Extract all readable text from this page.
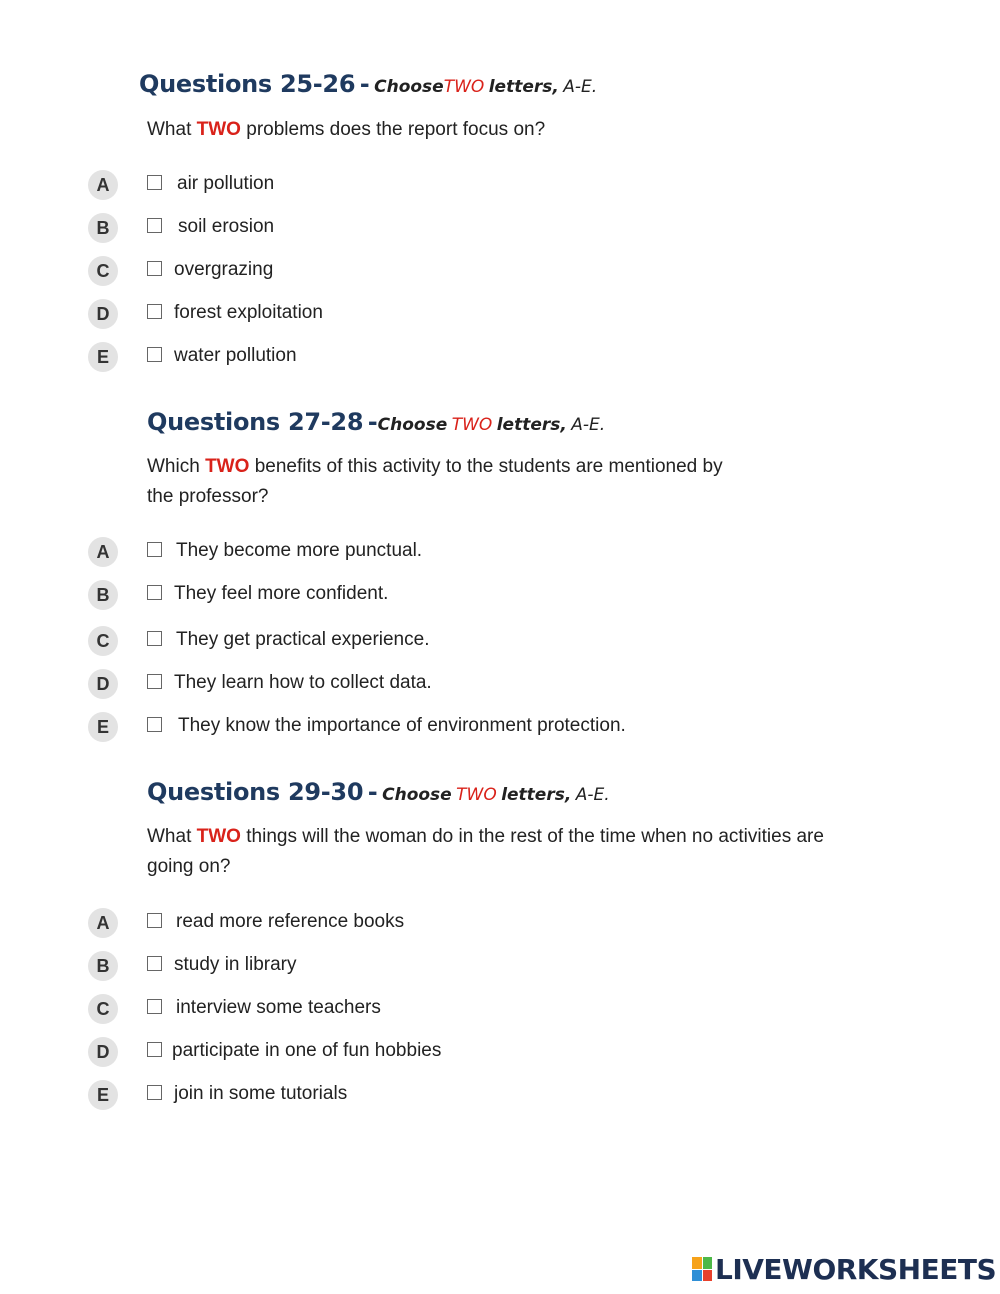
Questions 25-26 - ChooseTWO letters, A-E.
What TWO problems does the report focus on?
A	air pollution
B	soil erosion
C	overgrazing
D	forest exploitation
E	water pollution
Questions 27-28 -Choose TWO letters, A-E.
Which TWO benefits of this activity to the students are mentioned by the professor?
A	They become more punctual.
B	They feel more confident.
C	They get practical experience.
D	They learn how to collect data.
E	They know the importance of environment protection.
Questions 29-30 - Choose TWO letters, A-E.
What TWO things will the woman do in the rest of the time when no activities are going on?
A	read more reference books
B	study in library
C	interview some teachers
D	participate in one of fun hobbies
E	join in some tutorials
LIVEWORKSHEETS
